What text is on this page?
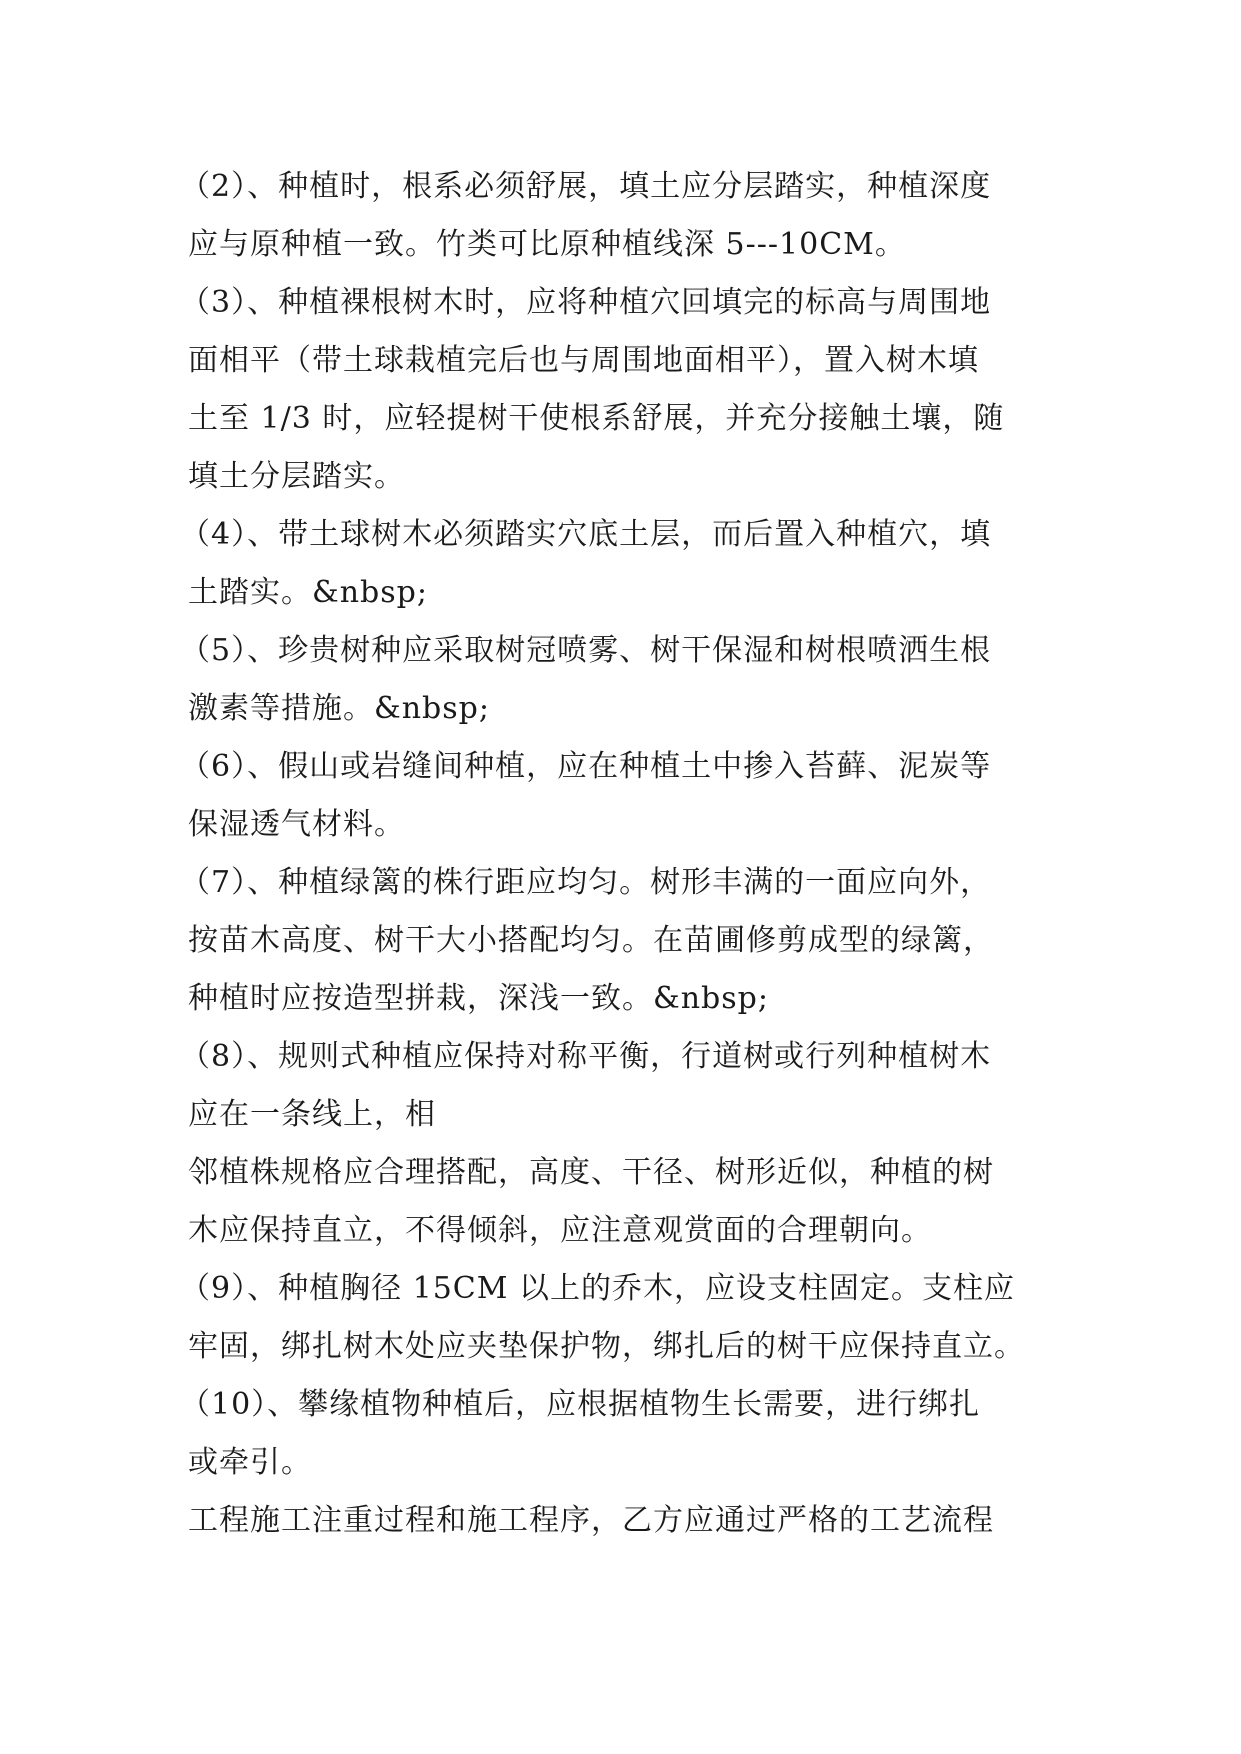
（2）、种植时，根系必须舒展，填土应分层踏实，种植深度
应与原种植一致。竹类可比原种植线深 5---10CM。
（3）、种植裸根树木时，应将种植穴回填完的标高与周围地
面相平（带土球栽植完后也与周围地面相平），置入树木填
土至 1/3 时，应轻提树干使根系舒展，并充分接触土壤，随
填土分层踏实。
（4）、带土球树木必须踏实穴底土层，而后置入种植穴，填
土踏实。&nbsp;
（5）、珍贵树种应采取树冠喷雾、树干保湿和树根喷洒生根
激素等措施。&nbsp;
（6）、假山或岩缝间种植，应在种植土中掺入苔藓、泥炭等
保湿透气材料。
（7）、种植绿篱的株行距应均匀。树形丰满的一面应向外，
按苗木高度、树干大小搭配均匀。在苗圃修剪成型的绿篱，
种植时应按造型拼栽，深浅一致。&nbsp;
（8）、规则式种植应保持对称平衡，行道树或行列种植树木
应在一条线上，相
邻植株规格应合理搭配，高度、干径、树形近似，种植的树
木应保持直立，不得倾斜，应注意观赏面的合理朝向。
（9）、种植胸径 15CM 以上的乔木，应设支柱固定。支柱应
牢固，绑扎树木处应夹垫保护物，绑扎后的树干应保持直立。
（10）、攀缘植物种植后，应根据植物生长需要，进行绑扎
或牵引。
工程施工注重过程和施工程序，乙方应通过严格的工艺流程
